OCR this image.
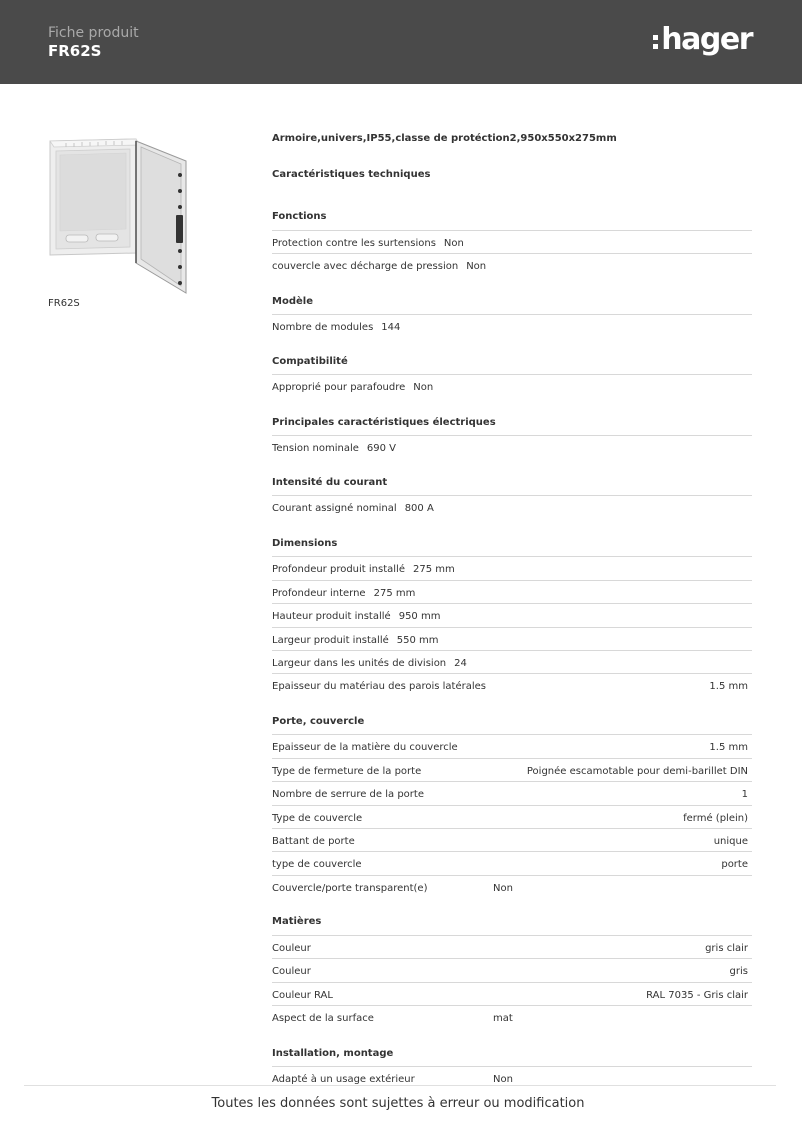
Fiche produit
FR62S	hager
FR62S
Armoire,univers,IP55,classe de protéction2,950x550x275mm
Caractéristiques techniques
Fonctions
Protection contre les surtensions Non
couvercle avec décharge de pression Non
Modèle
Nombre de modules 144
Compatibilité
Approprié pour parafoudre Non
Principales caractéristiques électriques
Tension nominale 690 V
Intensité du courant
Courant assigné nominal 800 A
Dimensions
Profondeur produit installé 275 mm
Profondeur interne 275 mm
Hauteur produit installé 950 mm
Largeur produit installé 550 mm
Largeur dans les unités de division 24
Epaisseur du matériau des parois latérales	1.5 mm
Porte, couvercle
Epaisseur de la matière du couvercle	1.5 mm
Type de fermeture de la porte	Poignée escamotable pour demi-barillet DIN
Nombre de serrure de la porte	1
Type de couvercle	fermé (plein)
Battant de porte	unique
type de couvercle	porte
Couvercle/porte transparent(e)	Non
Matières
Couleur	gris clair
Couleur	gris
Couleur RAL	RAL 7035 - Gris clair
Aspect de la surface	mat
Installation, montage
Adapté à un usage extérieur	Non
Toutes les données sont sujettes à erreur ou modification
